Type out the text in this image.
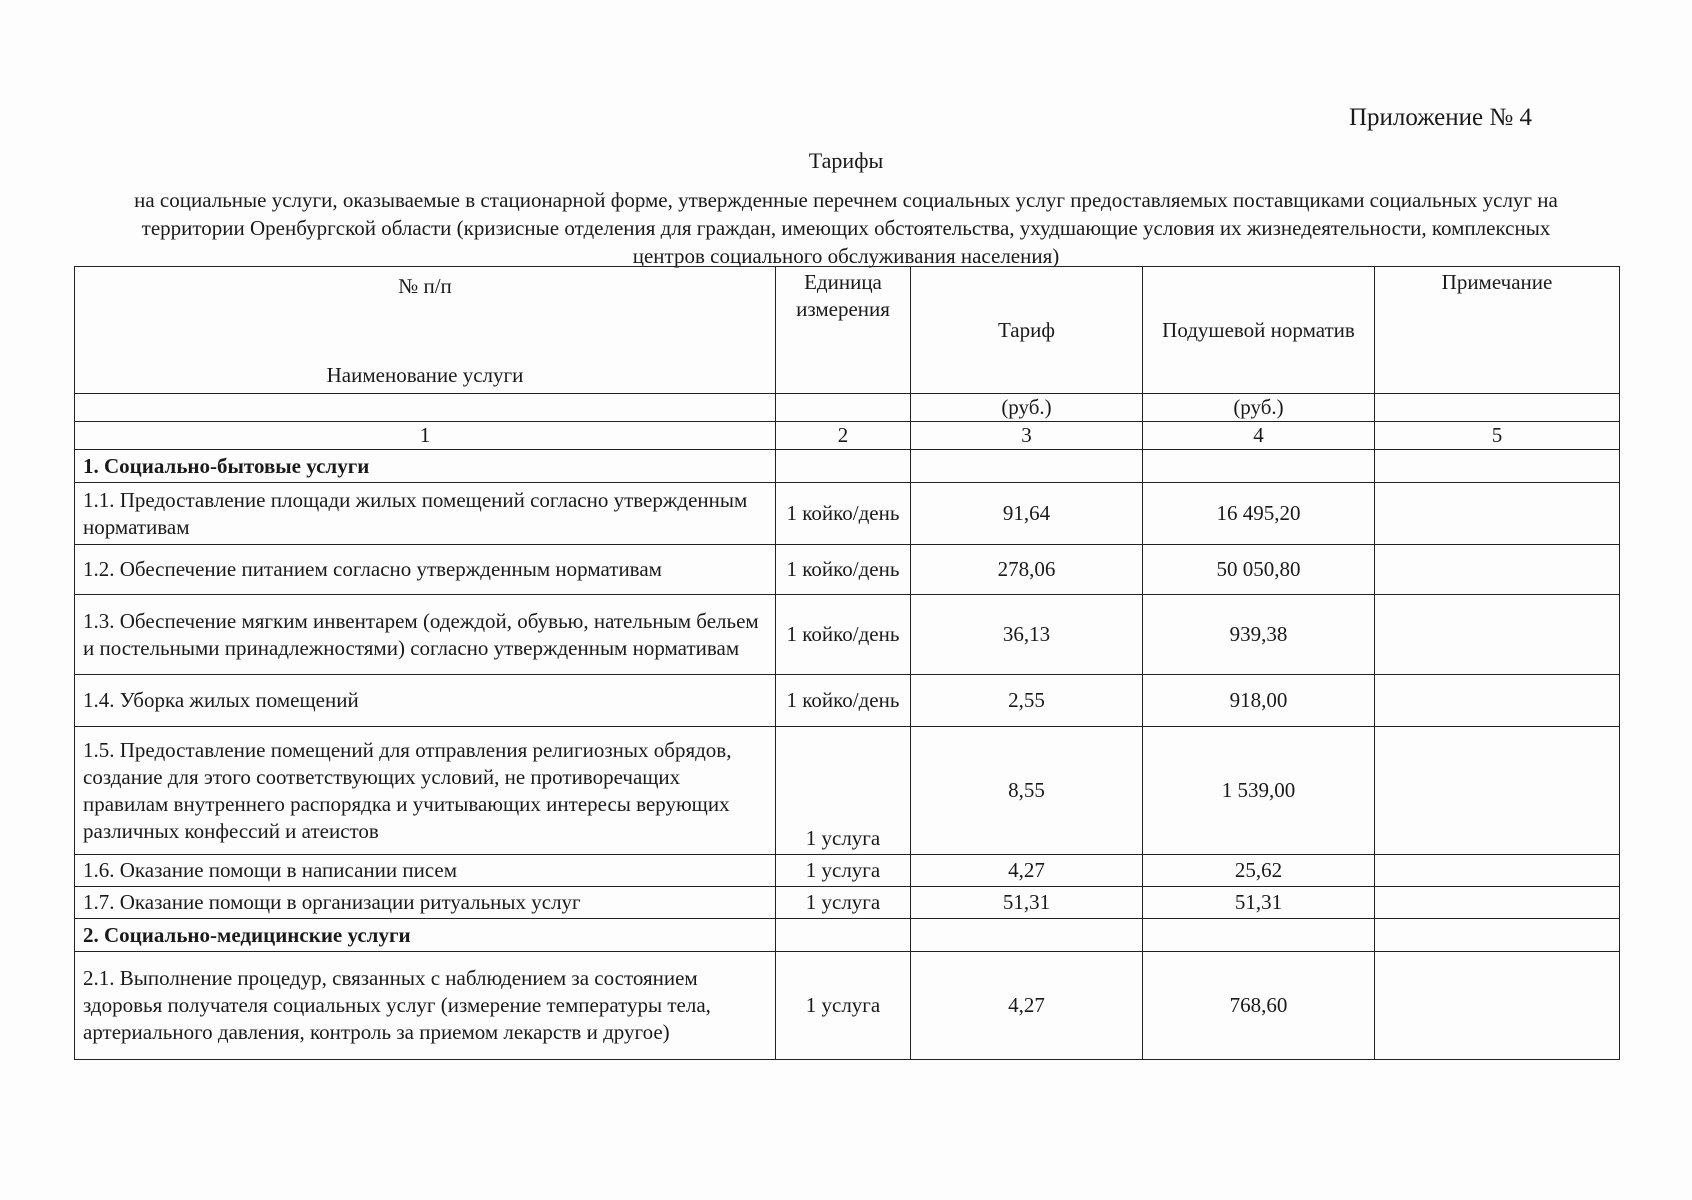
Приложение № 4
Тарифы
на социальные услуги, оказываемые в стационарной форме, утвержденные перечнем социальных услуг предоставляемых поставщиками социальных услуг на территории Оренбургской области (кризисные отделения для граждан, имеющих обстоятельства, ухудшающие условия их жизнедеятельности, комплексных центров социального обслуживания населения)
№ п/п
Наименование услуги	Единица измерения	Тариф	Подушевой норматив	Примечание
		(руб.)	(руб.)	
1	2	3	4	5
1. Социально-бытовые услуги				
1.1. Предоставление площади жилых помещений согласно утвержденным нормативам	1 койко/день	91,64	16 495,20	
1.2. Обеспечение питанием согласно утвержденным нормативам	1 койко/день	278,06	50 050,80	
1.3. Обеспечение мягким инвентарем (одеждой, обувью, нательным бельем и постельными принадлежностями) согласно утвержденным нормативам	1 койко/день	36,13	939,38	
1.4. Уборка жилых помещений	1 койко/день	2,55	918,00	
1.5. Предоставление помещений для отправления религиозных обрядов, создание для этого соответствующих условий, не противоречащих правилам внутреннего распорядка и учитывающих интересы верующих различных конфессий и атеистов	1 услуга	8,55	1 539,00	
1.6. Оказание помощи в написании писем	1 услуга	4,27	25,62	
1.7. Оказание помощи в организации ритуальных услуг	1 услуга	51,31	51,31	
2. Социально-медицинские услуги				
2.1. Выполнение процедур, связанных с наблюдением за состоянием здоровья получателя социальных услуг (измерение температуры тела, артериального давления, контроль за приемом лекарств и другое)	1 услуга	4,27	768,60	
